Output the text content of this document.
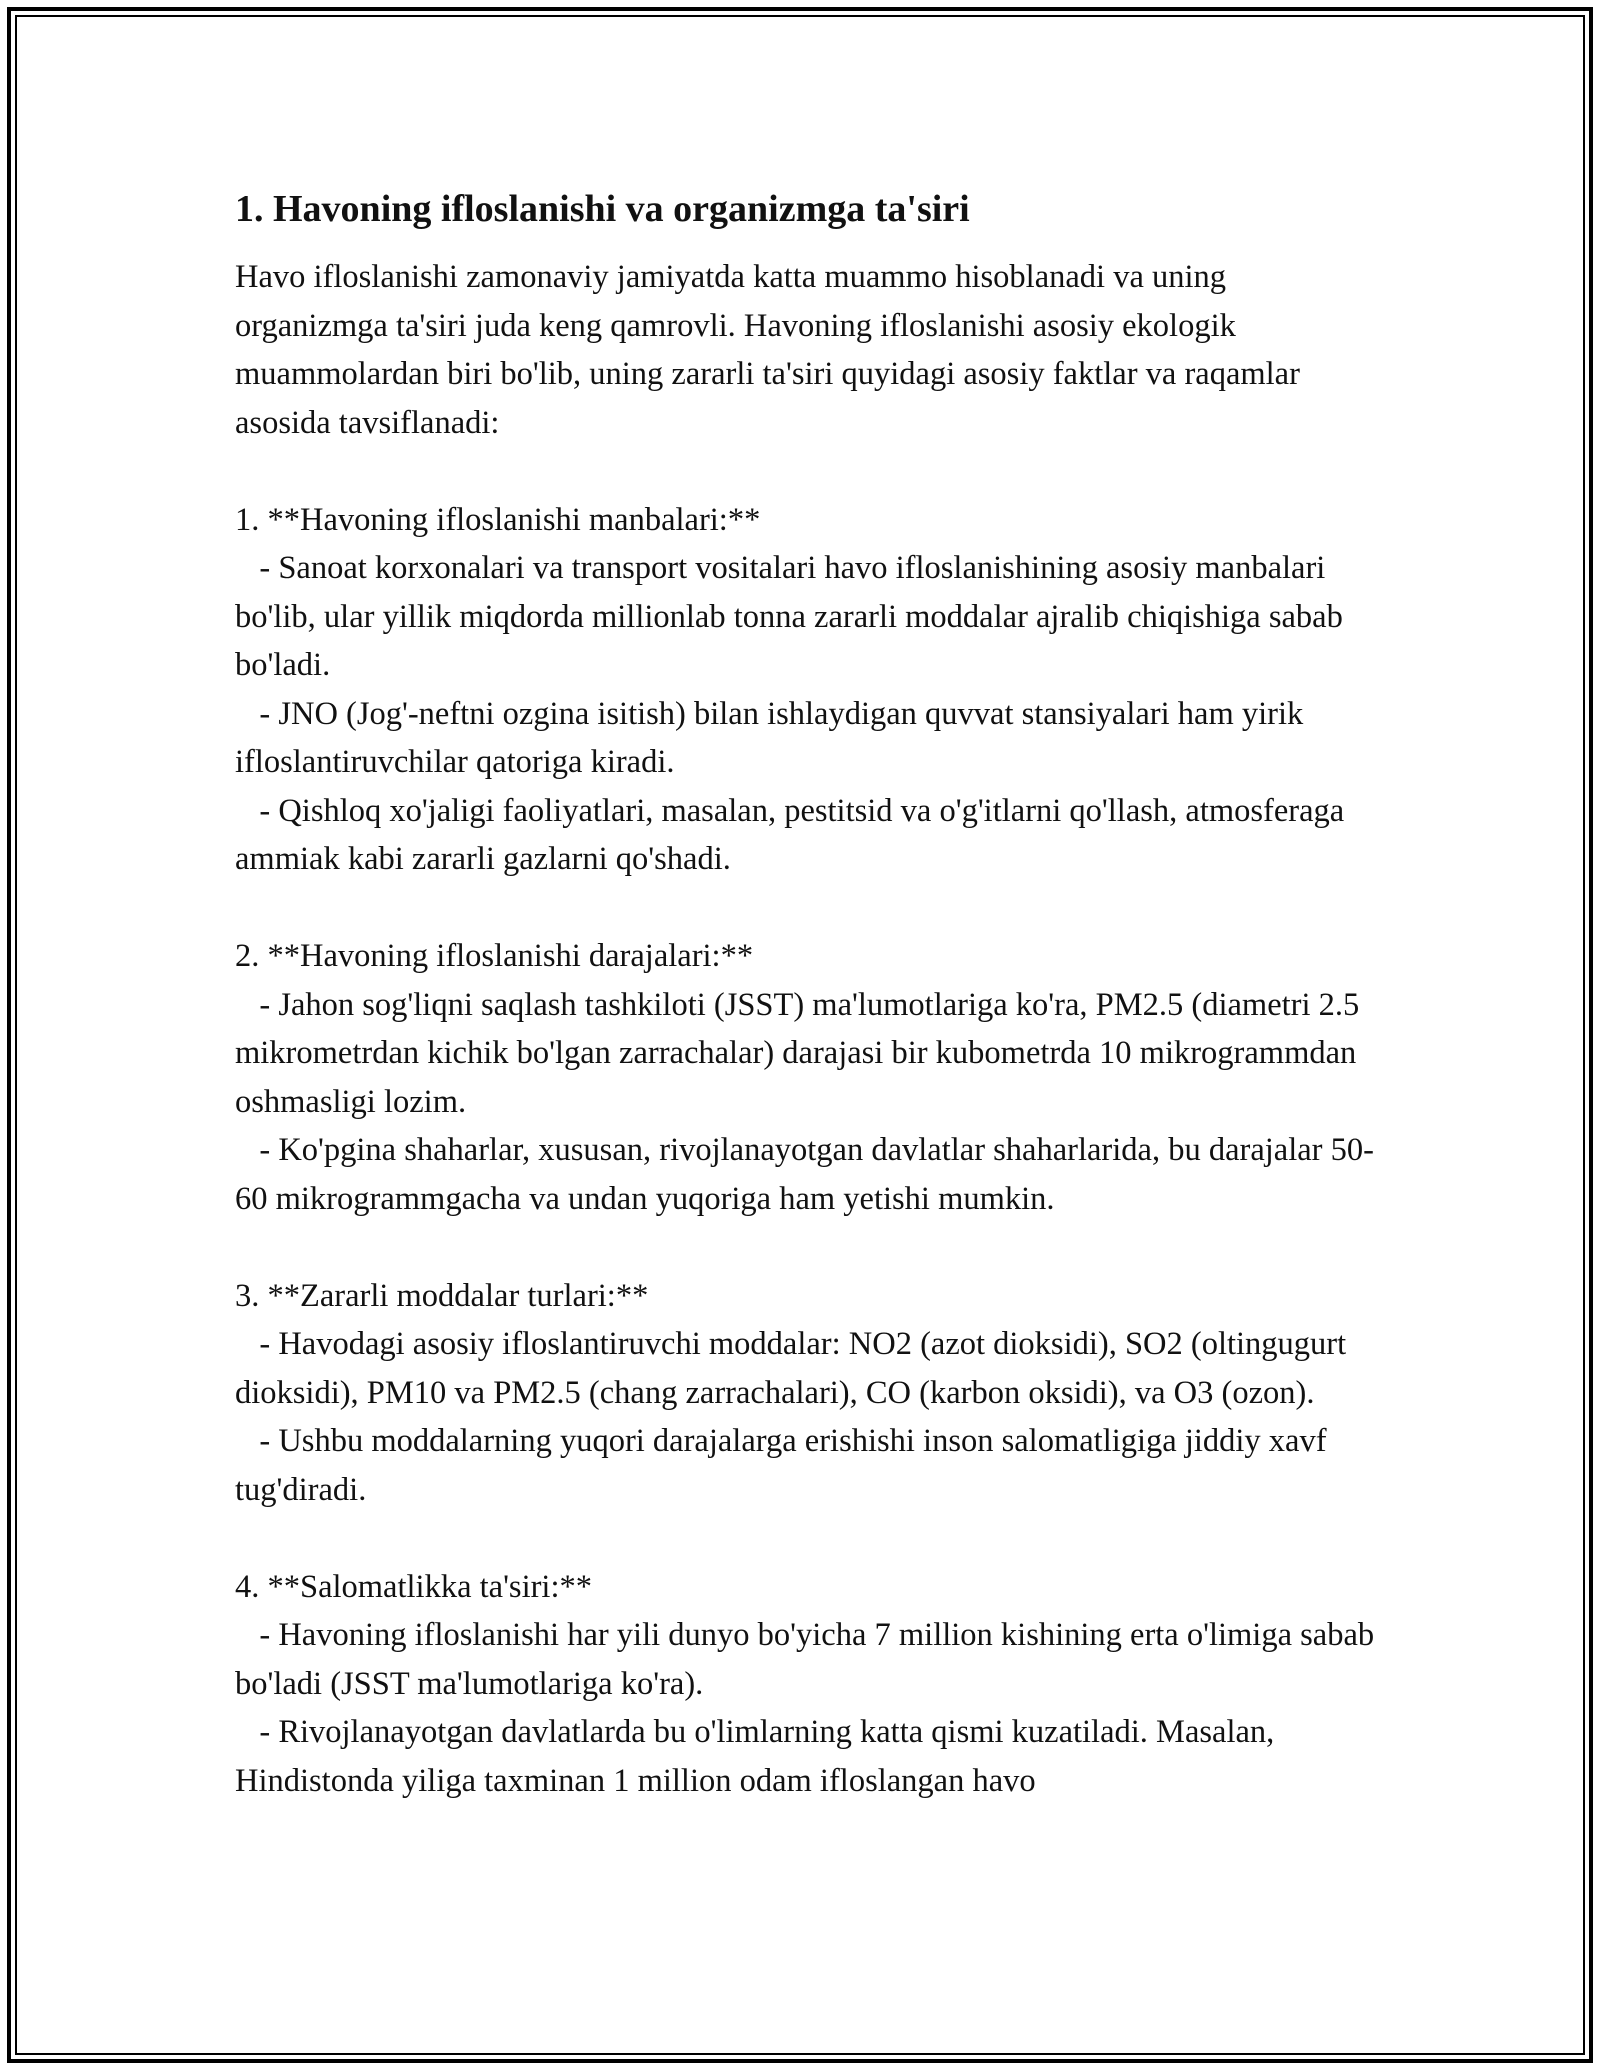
1. Havoning ifloslanishi va organizmga ta'siri

Havo ifloslanishi zamonaviy jamiyatda katta muammo hisoblanadi va uning organizmga ta'siri juda keng qamrovli. Havoning ifloslanishi asosiy ekologik muammolardan biri bo'lib, uning zararli ta'siri quyidagi asosiy faktlar va raqamlar asosida tavsiflanadi:

1. **Havoning ifloslanishi manbalari:**

- Sanoat korxonalari va transport vositalari havo ifloslanishining asosiy manbalari bo'lib, ular yillik miqdorda millionlab tonna zararli moddalar ajralib chiqishiga sabab bo'ladi.

- JNO (Jog'-neftni ozgina isitish) bilan ishlaydigan quvvat stansiyalari ham yirik ifloslantiruvchilar qatoriga kiradi.

- Qishloq xo'jaligi faoliyatlari, masalan, pestitsid va o'g'itlarni qo'llash, atmosferaga ammiak kabi zararli gazlarni qo'shadi.

2. **Havoning ifloslanishi darajalari:**

- Jahon sog'liqni saqlash tashkiloti (JSST) ma'lumotlariga ko'ra, PM2.5 (diametri 2.5 mikrometrdan kichik bo'lgan zarrachalar) darajasi bir kubometrda 10 mikrogrammdan oshmasligi lozim.

- Ko'pgina shaharlar, xususan, rivojlanayotgan davlatlar shaharlarida, bu darajalar 50-60 mikrogrammgacha va undan yuqoriga ham yetishi mumkin.

3. **Zararli moddalar turlari:**

- Havodagi asosiy ifloslantiruvchi moddalar: NO2 (azot dioksidi), SO2 (oltingugurt dioksidi), PM10 va PM2.5 (chang zarrachalari), CO (karbon oksidi), va O3 (ozon).

- Ushbu moddalarning yuqori darajalarga erishishi inson salomatligiga jiddiy xavf tug'diradi.

4. **Salomatlikka ta'siri:**

- Havoning ifloslanishi har yili dunyo bo'yicha 7 million kishining erta o'limiga sabab bo'ladi (JSST ma'lumotlariga ko'ra).

- Rivojlanayotgan davlatlarda bu o'limlarning katta qismi kuzatiladi. Masalan, Hindistonda yiliga taxminan 1 million odam ifloslangan havo
